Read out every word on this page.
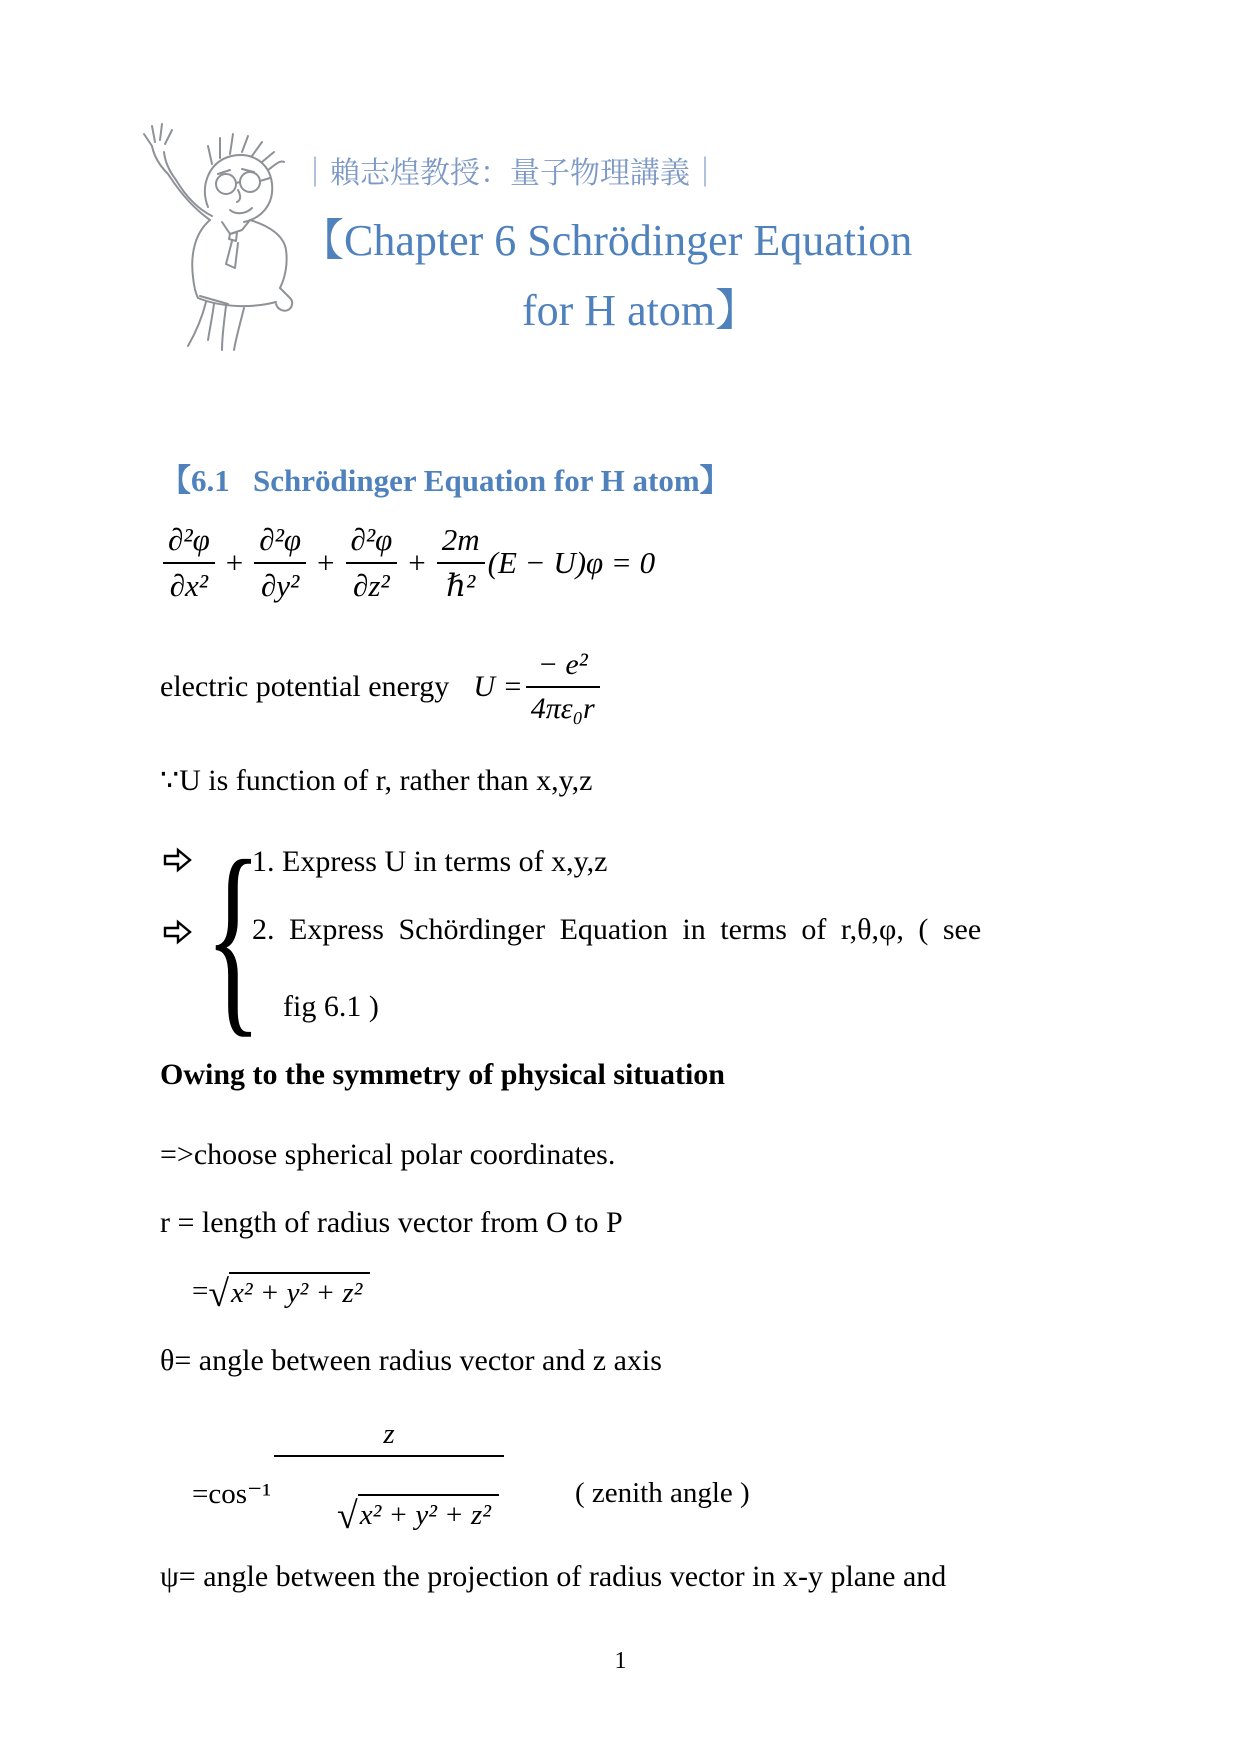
｜賴志煌教授：量子物理講義｜
【Chapter 6 Schrödinger Equation
for H atom】
【6.1   Schrödinger Equation for H atom】
$\frac{\text{∂²φ}}{\text{∂x²}} + \frac{\text{∂²φ}}{\text{∂y²}} + \frac{\text{∂²φ}}{\text{∂z²}} + \frac{2m}{\text{ℏ²}} (E - U)\varphi = 0$
electric potential energy $U = \frac{\text{− e²}}{\text{4πε₀r}}$
∵U is function of r, rather than x,y,z
{
1. Express U in terms of x,y,z
2. Express Schördinger Equation in terms of r,θ,φ, ( see
fig 6.1 )
Owing to the symmetry of physical situation
=>choose spherical polar coordinates.
r = length of radius vector from O to P
= √ x² + y² + z²
θ= angle between radius vector and z axis
$=\cos^{-1} \frac{z}{\text{√ x² + y² + z²}}$

( zenith angle )
ψ= angle between the projection of radius vector in x-y plane and
1
